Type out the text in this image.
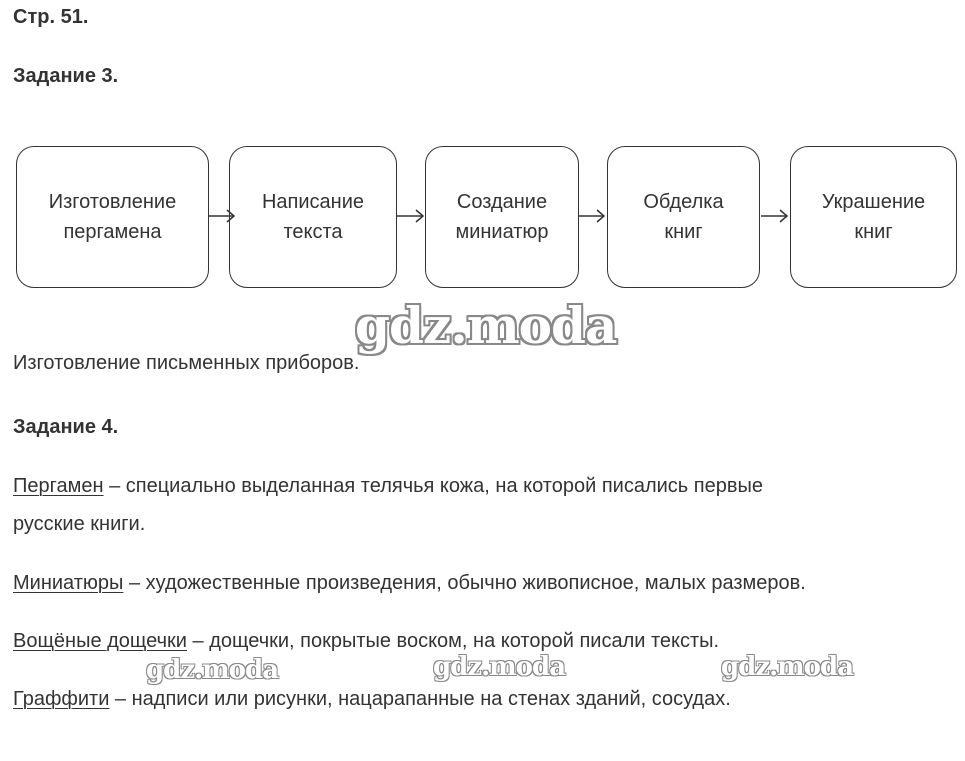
Стр. 51.
Задание 3.
Изготовление
пергамена
Написание
текста
Создание
миниатюр
Обделка
книг
Украшение
книг
gdz.moda
Изготовление письменных приборов.
Задание 4.
Пергамен – специально выделанная телячья кожа, на которой писались первые
русские книги.
Миниатюры – художественные произведения, обычно живописное, малых размеров.
Вощёные дощечки – дощечки, покрытые воском, на которой писали тексты.
gdz.moda	gdz.moda	gdz.moda
Граффити – надписи или рисунки, нацарапанные на стенах зданий, сосудах.
